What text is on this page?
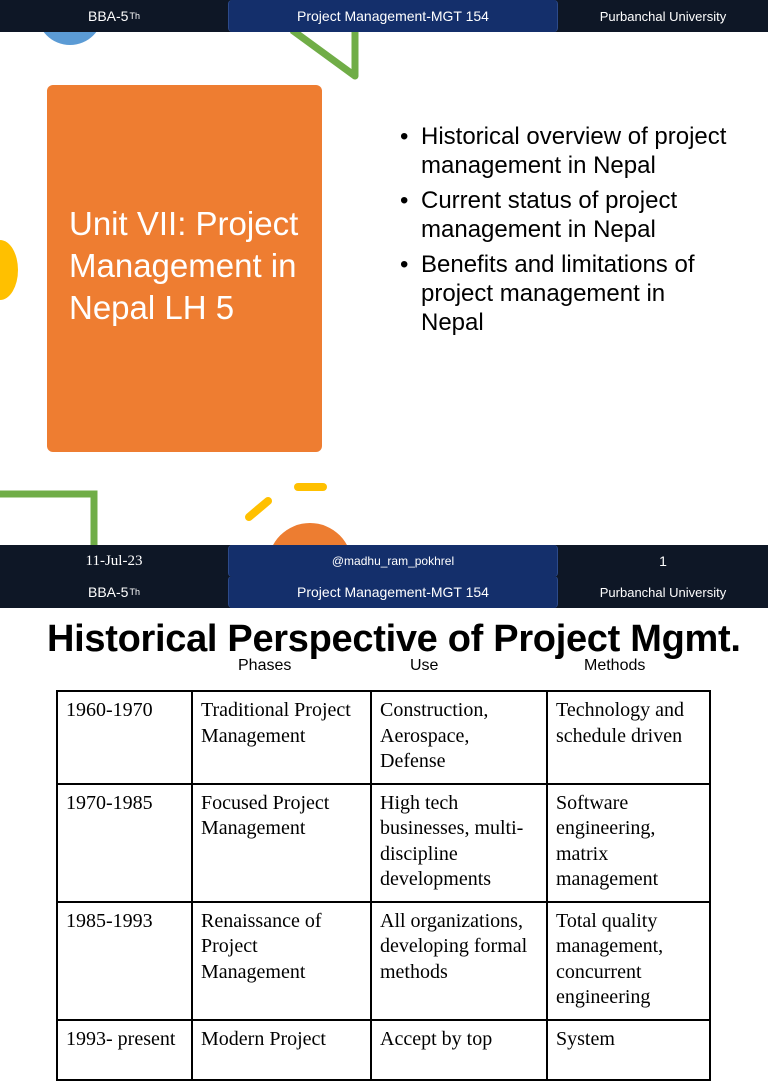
BBA-5 Th	Project Management-MGT 154	Purbanchal University
Unit VII: Project Management in Nepal LH 5
• Historical overview of project management in Nepal
• Current status of project management in Nepal
• Benefits and limitations of project management in Nepal
11-Jul-23	@madhu_ram_pokhrel	1
BBA-5 Th	Project Management-MGT 154	Purbanchal University
Historical Perspective of Project Mgmt.
Phases	Use	Methods
1960-1970	Traditional Project Management	Construction, Aerospace, Defense	Technology and schedule driven
1970-1985	Focused Project Management	High tech businesses, multi-discipline developments	Software engineering, matrix management
1985-1993	Renaissance of Project Management	All organizations, developing formal methods	Total quality management, concurrent engineering
1993- present	Modern Project	Accept by top	System
